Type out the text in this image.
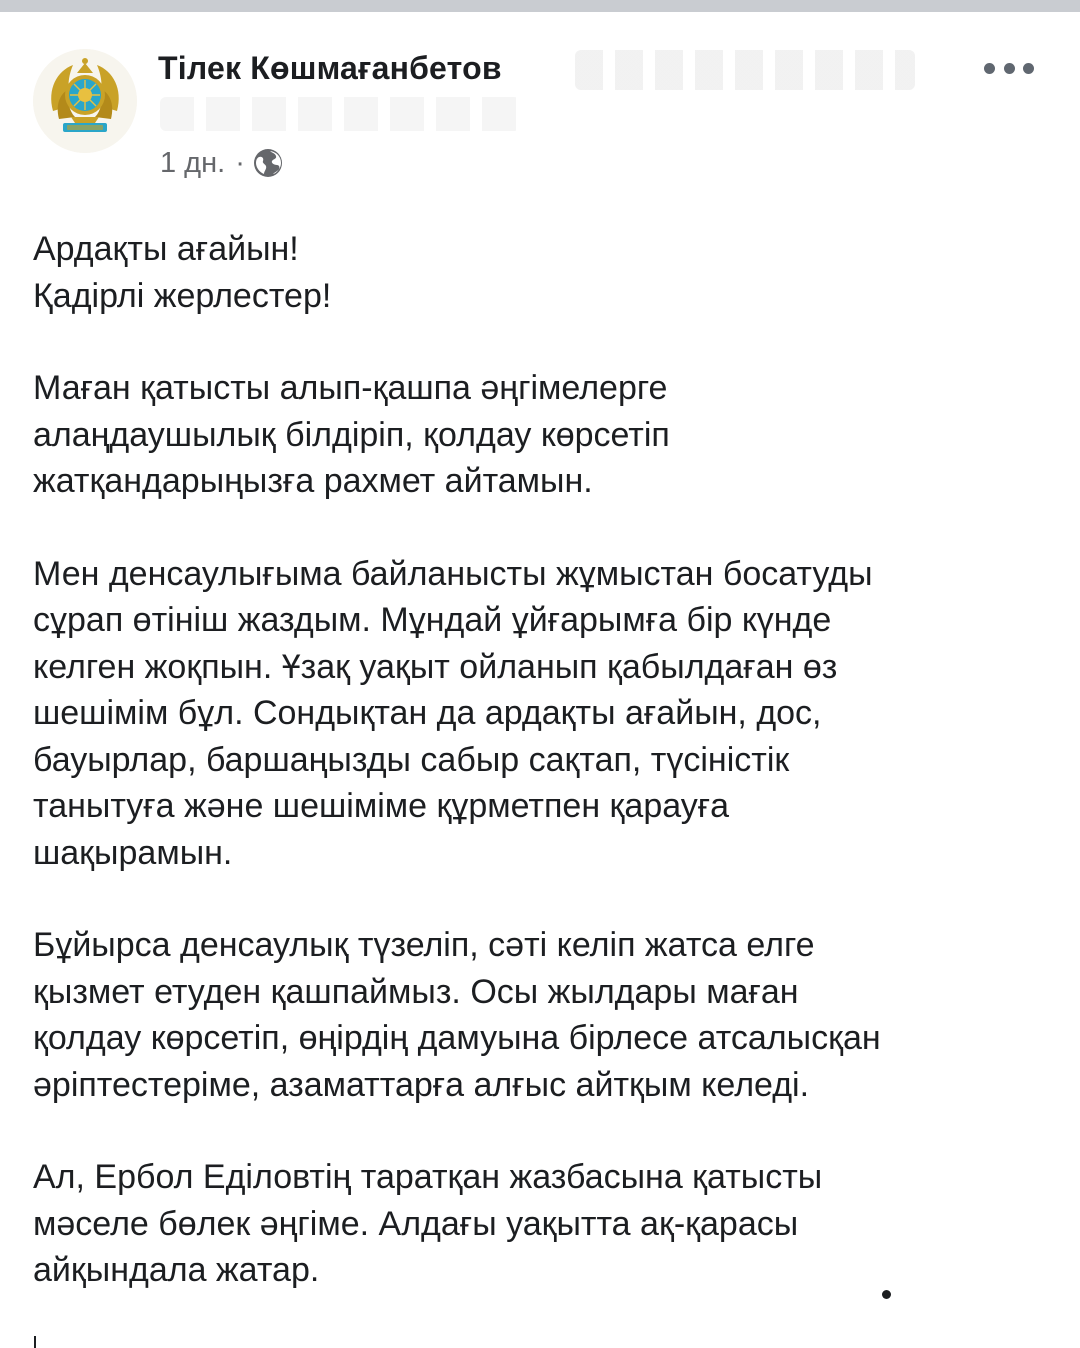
Тілек Көшмағанбетов
1 дн. ·

Ардақты ағайын!
Қадірлі жерлестер!

Маған қатысты алып-қашпа әңгімелерге
алаңдаушылық білдіріп, қолдау көрсетіп
жатқандарыңызға рахмет айтамын.

Мен денсаулығыма байланысты жұмыстан босатуды
сұрап өтініш жаздым. Мұндай ұйғарымға бір күнде
келген жоқпын. Ұзақ уақыт ойланып қабылдаған өз
шешімім бұл. Сондықтан да ардақты ағайын, дос,
бауырлар, баршаңызды сабыр сақтап, түсіністік
танытуға және шешіміме құрметпен қарауға
шақырамын.

Бұйырса денсаулық түзеліп, сәті келіп жатса елге
қызмет етуден қашпаймыз. Осы жылдары маған
қолдау көрсетіп, өңірдің дамуына бірлесе атсалысқан
әріптестеріме, азаматтарға алғыс айтқым келеді.

Ал, Ербол Еділовтің таратқан жазбасына қатысты
мәселе бөлек әңгіме. Алдағы уақытта ақ-қарасы
айқындала жатар.
